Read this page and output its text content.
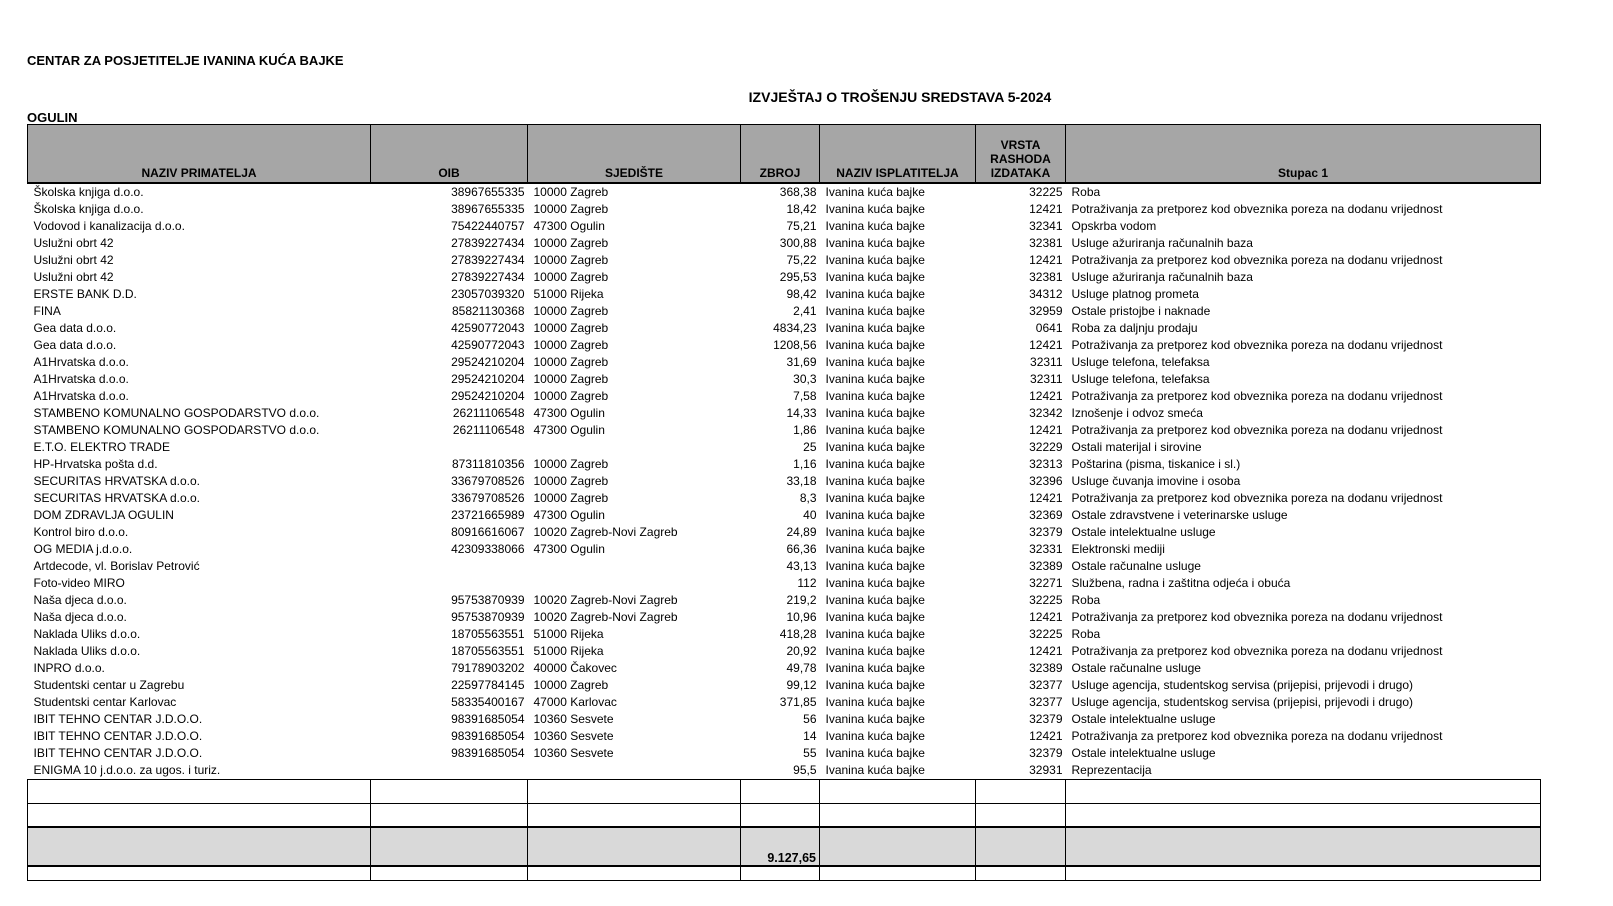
CENTAR ZA POSJETITELJE IVANINA KUĆA BAJKE

OGULIN

IZVJEŠTAJ O TROŠENJU SREDSTAVA 5-2024
NAZIV PRIMATELJA	OIB	SJEDIŠTE	ZBROJ	NAZIV ISPLATITELJA	VRSTA RASHODA IZDATAKA	Stupac 1
Školska knjiga d.o.o.	38967655335	10000 Zagreb	368,38	Ivanina kuća bajke	32225	Roba
Školska knjiga d.o.o.	38967655335	10000 Zagreb	18,42	Ivanina kuća bajke	12421	Potraživanja za pretporez kod obveznika poreza na dodanu vrijednost
Vodovod i kanalizacija d.o.o.	75422440757	47300 Ogulin	75,21	Ivanina kuća bajke	32341	Opskrba vodom
Uslužni obrt 42	27839227434	10000 Zagreb	300,88	Ivanina kuća bajke	32381	Usluge ažuriranja računalnih baza
Uslužni obrt 42	27839227434	10000 Zagreb	75,22	Ivanina kuća bajke	12421	Potraživanja za pretporez kod obveznika poreza na dodanu vrijednost
Uslužni obrt 42	27839227434	10000 Zagreb	295,53	Ivanina kuća bajke	32381	Usluge ažuriranja računalnih baza
ERSTE BANK D.D.	23057039320	51000 Rijeka	98,42	Ivanina kuća bajke	34312	Usluge platnog prometa
FINA	85821130368	10000 Zagreb	2,41	Ivanina kuća bajke	32959	Ostale pristojbe i naknade
Gea data d.o.o.	42590772043	10000 Zagreb	4834,23	Ivanina kuća bajke	0641	Roba za daljnju prodaju
Gea data d.o.o.	42590772043	10000 Zagreb	1208,56	Ivanina kuća bajke	12421	Potraživanja za pretporez kod obveznika poreza na dodanu vrijednost
A1Hrvatska d.o.o.	29524210204	10000 Zagreb	31,69	Ivanina kuća bajke	32311	Usluge telefona, telefaksa
A1Hrvatska d.o.o.	29524210204	10000 Zagreb	30,3	Ivanina kuća bajke	32311	Usluge telefona, telefaksa
A1Hrvatska d.o.o.	29524210204	10000 Zagreb	7,58	Ivanina kuća bajke	12421	Potraživanja za pretporez kod obveznika poreza na dodanu vrijednost
STAMBENO KOMUNALNO GOSPODARSTVO d.o.o.	26211106548	47300 Ogulin	14,33	Ivanina kuća bajke	32342	Iznošenje i odvoz smeća
STAMBENO KOMUNALNO GOSPODARSTVO d.o.o.	26211106548	47300 Ogulin	1,86	Ivanina kuća bajke	12421	Potraživanja za pretporez kod obveznika poreza na dodanu vrijednost
E.T.O. ELEKTRO TRADE			25	Ivanina kuća bajke	32229	Ostali materijal i sirovine
HP-Hrvatska pošta d.d.	87311810356	10000 Zagreb	1,16	Ivanina kuća bajke	32313	Poštarina (pisma, tiskanice i sl.)
SECURITAS HRVATSKA d.o.o.	33679708526	10000 Zagreb	33,18	Ivanina kuća bajke	32396	Usluge čuvanja imovine i osoba
SECURITAS HRVATSKA d.o.o.	33679708526	10000 Zagreb	8,3	Ivanina kuća bajke	12421	Potraživanja za pretporez kod obveznika poreza na dodanu vrijednost
DOM ZDRAVLJA OGULIN	23721665989	47300 Ogulin	40	Ivanina kuća bajke	32369	Ostale zdravstvene i veterinarske usluge
Kontrol biro d.o.o.	80916616067	10020 Zagreb-Novi Zagreb	24,89	Ivanina kuća bajke	32379	Ostale intelektualne usluge
OG MEDIA j.d.o.o.	42309338066	47300 Ogulin	66,36	Ivanina kuća bajke	32331	Elektronski mediji
Artdecode, vl. Borislav Petrović			43,13	Ivanina kuća bajke	32389	Ostale računalne usluge
Foto-video MIRO			112	Ivanina kuća bajke	32271	Službena, radna i zaštitna odjeća i obuća
Naša djeca d.o.o.	95753870939	10020 Zagreb-Novi Zagreb	219,2	Ivanina kuća bajke	32225	Roba
Naša djeca d.o.o.	95753870939	10020 Zagreb-Novi Zagreb	10,96	Ivanina kuća bajke	12421	Potraživanja za pretporez kod obveznika poreza na dodanu vrijednost
Naklada Uliks d.o.o.	18705563551	51000 Rijeka	418,28	Ivanina kuća bajke	32225	Roba
Naklada Uliks d.o.o.	18705563551	51000 Rijeka	20,92	Ivanina kuća bajke	12421	Potraživanja za pretporez kod obveznika poreza na dodanu vrijednost
INPRO d.o.o.	79178903202	40000 Čakovec	49,78	Ivanina kuća bajke	32389	Ostale računalne usluge
Studentski centar u Zagrebu	22597784145	10000 Zagreb	99,12	Ivanina kuća bajke	32377	Usluge agencija, studentskog servisa (prijepisi, prijevodi i drugo)
Studentski centar Karlovac	58335400167	47000 Karlovac	371,85	Ivanina kuća bajke	32377	Usluge agencija, studentskog servisa (prijepisi, prijevodi i drugo)
IBIT TEHNO CENTAR J.D.O.O.	98391685054	10360 Sesvete	56	Ivanina kuća bajke	32379	Ostale intelektualne usluge
IBIT TEHNO CENTAR J.D.O.O.	98391685054	10360 Sesvete	14	Ivanina kuća bajke	12421	Potraživanja za pretporez kod obveznika poreza na dodanu vrijednost
IBIT TEHNO CENTAR J.D.O.O.	98391685054	10360 Sesvete	55	Ivanina kuća bajke	32379	Ostale intelektualne usluge
ENIGMA 10 j.d.o.o. za ugos. i turiz.			95,5	Ivanina kuća bajke	32931	Reprezentacija

			9.127,65			
